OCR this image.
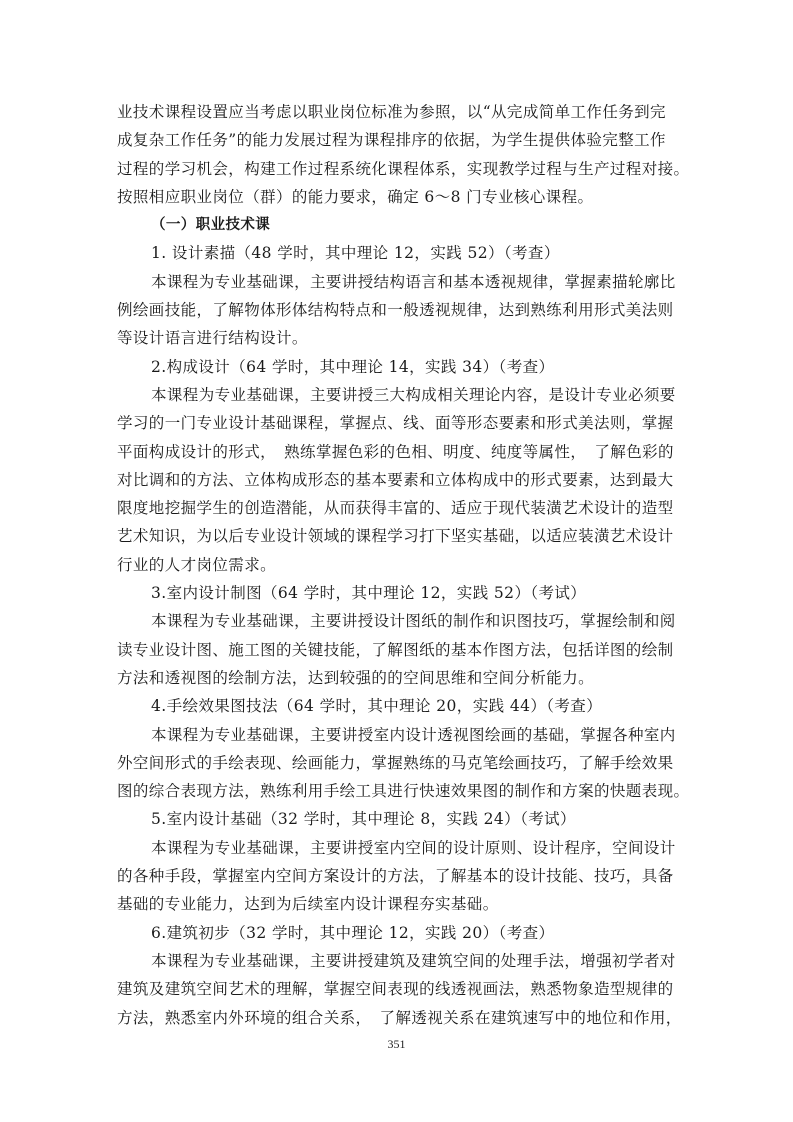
业技术课程设置应当考虑以职业岗位标准为参照，以“从完成简单工作任务到完
成复杂工作任务”的能力发展过程为课程排序的依据，为学生提供体验完整工作
过程的学习机会，构建工作过程系统化课程体系，实现教学过程与生产过程对接。
按照相应职业岗位（群）的能力要求，确定 6～8 门专业核心课程。
（一）职业技术课
1. 设计素描（48 学时，其中理论 12，实践 52）（考查）
本课程为专业基础课，主要讲授结构语言和基本透视规律，掌握素描轮廓比
例绘画技能，了解物体形体结构特点和一般透视规律，达到熟练利用形式美法则
等设计语言进行结构设计。
2.构成设计（64 学时，其中理论 14，实践 34）（考查）
本课程为专业基础课，主要讲授三大构成相关理论内容，是设计专业必须要
学习的一门专业设计基础课程，掌握点、线、面等形态要素和形式美法则，掌握
平面构成设计的形式，　熟练掌握色彩的色相、明度、纯度等属性，　了解色彩的
对比调和的方法、立体构成形态的基本要素和立体构成中的形式要素，达到最大
限度地挖掘学生的创造潜能，从而获得丰富的、适应于现代装潢艺术设计的造型
艺术知识，为以后专业设计领域的课程学习打下坚实基础，以适应装潢艺术设计
行业的人才岗位需求。
3.室内设计制图（64 学时，其中理论 12，实践 52）（考试）
本课程为专业基础课，主要讲授设计图纸的制作和识图技巧，掌握绘制和阅
读专业设计图、施工图的关键技能，了解图纸的基本作图方法，包括详图的绘制
方法和透视图的绘制方法，达到较强的的空间思维和空间分析能力。
4.手绘效果图技法（64 学时，其中理论 20，实践 44）（考查）
本课程为专业基础课，主要讲授室内设计透视图绘画的基础，掌握各种室内
外空间形式的手绘表现、绘画能力，掌握熟练的马克笔绘画技巧，了解手绘效果
图的综合表现方法，熟练利用手绘工具进行快速效果图的制作和方案的快题表现。
5.室内设计基础（32 学时，其中理论 8，实践 24）（考试）
本课程为专业基础课，主要讲授室内空间的设计原则、设计程序，空间设计
的各种手段，掌握室内空间方案设计的方法，了解基本的设计技能、技巧，具备
基础的专业能力，达到为后续室内设计课程夯实基础。
6.建筑初步（32 学时，其中理论 12，实践 20）（考查）
本课程为专业基础课，主要讲授建筑及建筑空间的处理手法，增强初学者对
建筑及建筑空间艺术的理解，掌握空间表现的线透视画法，熟悉物象造型规律的
方法，熟悉室内外环境的组合关系，　了解透视关系在建筑速写中的地位和作用，
351
